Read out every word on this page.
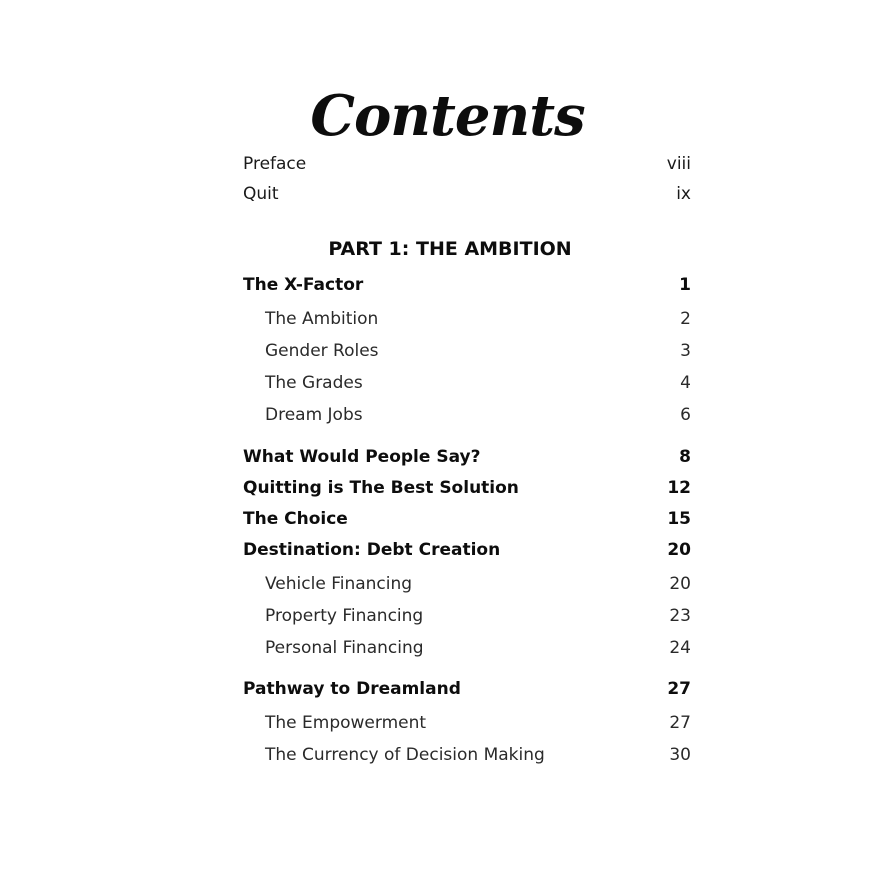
Contents
Preface	viii
Quit	ix
PART 1: THE AMBITION
The X-Factor	1
The Ambition	2
Gender Roles	3
The Grades	4
Dream Jobs	6
What Would People Say?	8
Quitting is The Best Solution	12
The Choice	15
Destination: Debt Creation	20
Vehicle Financing	20
Property Financing	23
Personal Financing	24
Pathway to Dreamland	27
The Empowerment	27
The Currency of Decision Making	30
